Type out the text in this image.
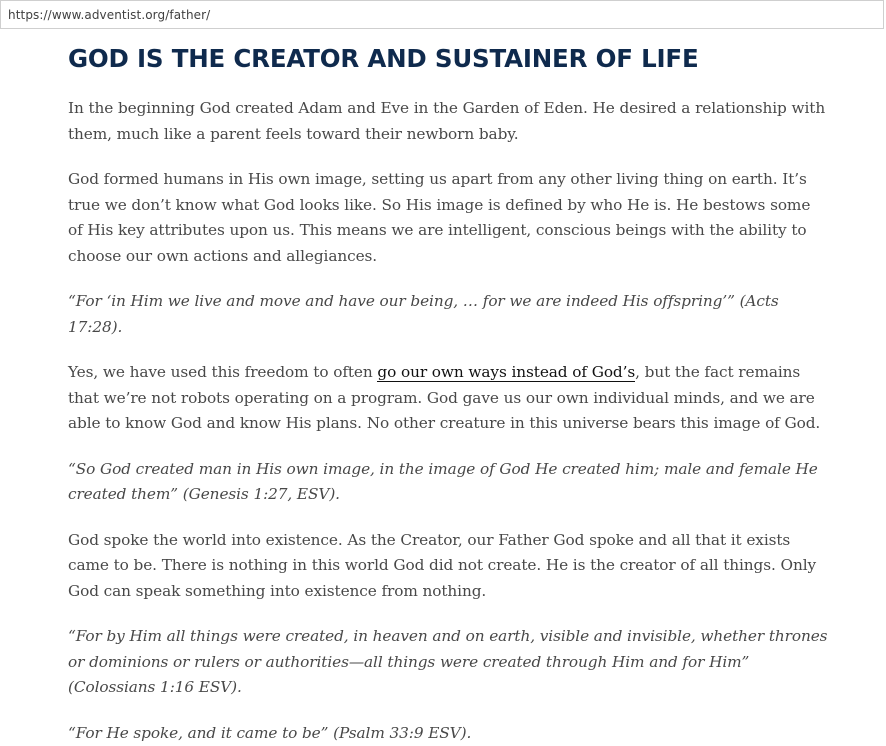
https://www.adventist.org/father/
GOD IS THE CREATOR AND SUSTAINER OF LIFE

In the beginning God created Adam and Eve in the Garden of Eden. He desired a relationship with them, much like a parent feels toward their newborn baby.

God formed humans in His own image, setting us apart from any other living thing on earth. It’s true we don’t know what God looks like. So His image is defined by who He is. He bestows some of His key attributes upon us. This means we are intelligent, conscious beings with the ability to choose our own actions and allegiances.

“For ‘in Him we live and move and have our being, … for we are indeed His offspring’” (Acts 17:28).

Yes, we have used this freedom to often go our own ways instead of God’s, but the fact remains that we’re not robots operating on a program. God gave us our own individual minds, and we are able to know God and know His plans. No other creature in this universe bears this image of God.

“So God created man in His own image, in the image of God He created him; male and female He created them” (Genesis 1:27, ESV).

God spoke the world into existence. As the Creator, our Father God spoke and all that it exists came to be. There is nothing in this world God did not create. He is the creator of all things. Only God can speak something into existence from nothing.

“For by Him all things were created, in heaven and on earth, visible and invisible, whether thrones or dominions or rulers or authorities—all things were created through Him and for Him” (Colossians 1:16 ESV).

“For He spoke, and it came to be” (Psalm 33:9 ESV).
